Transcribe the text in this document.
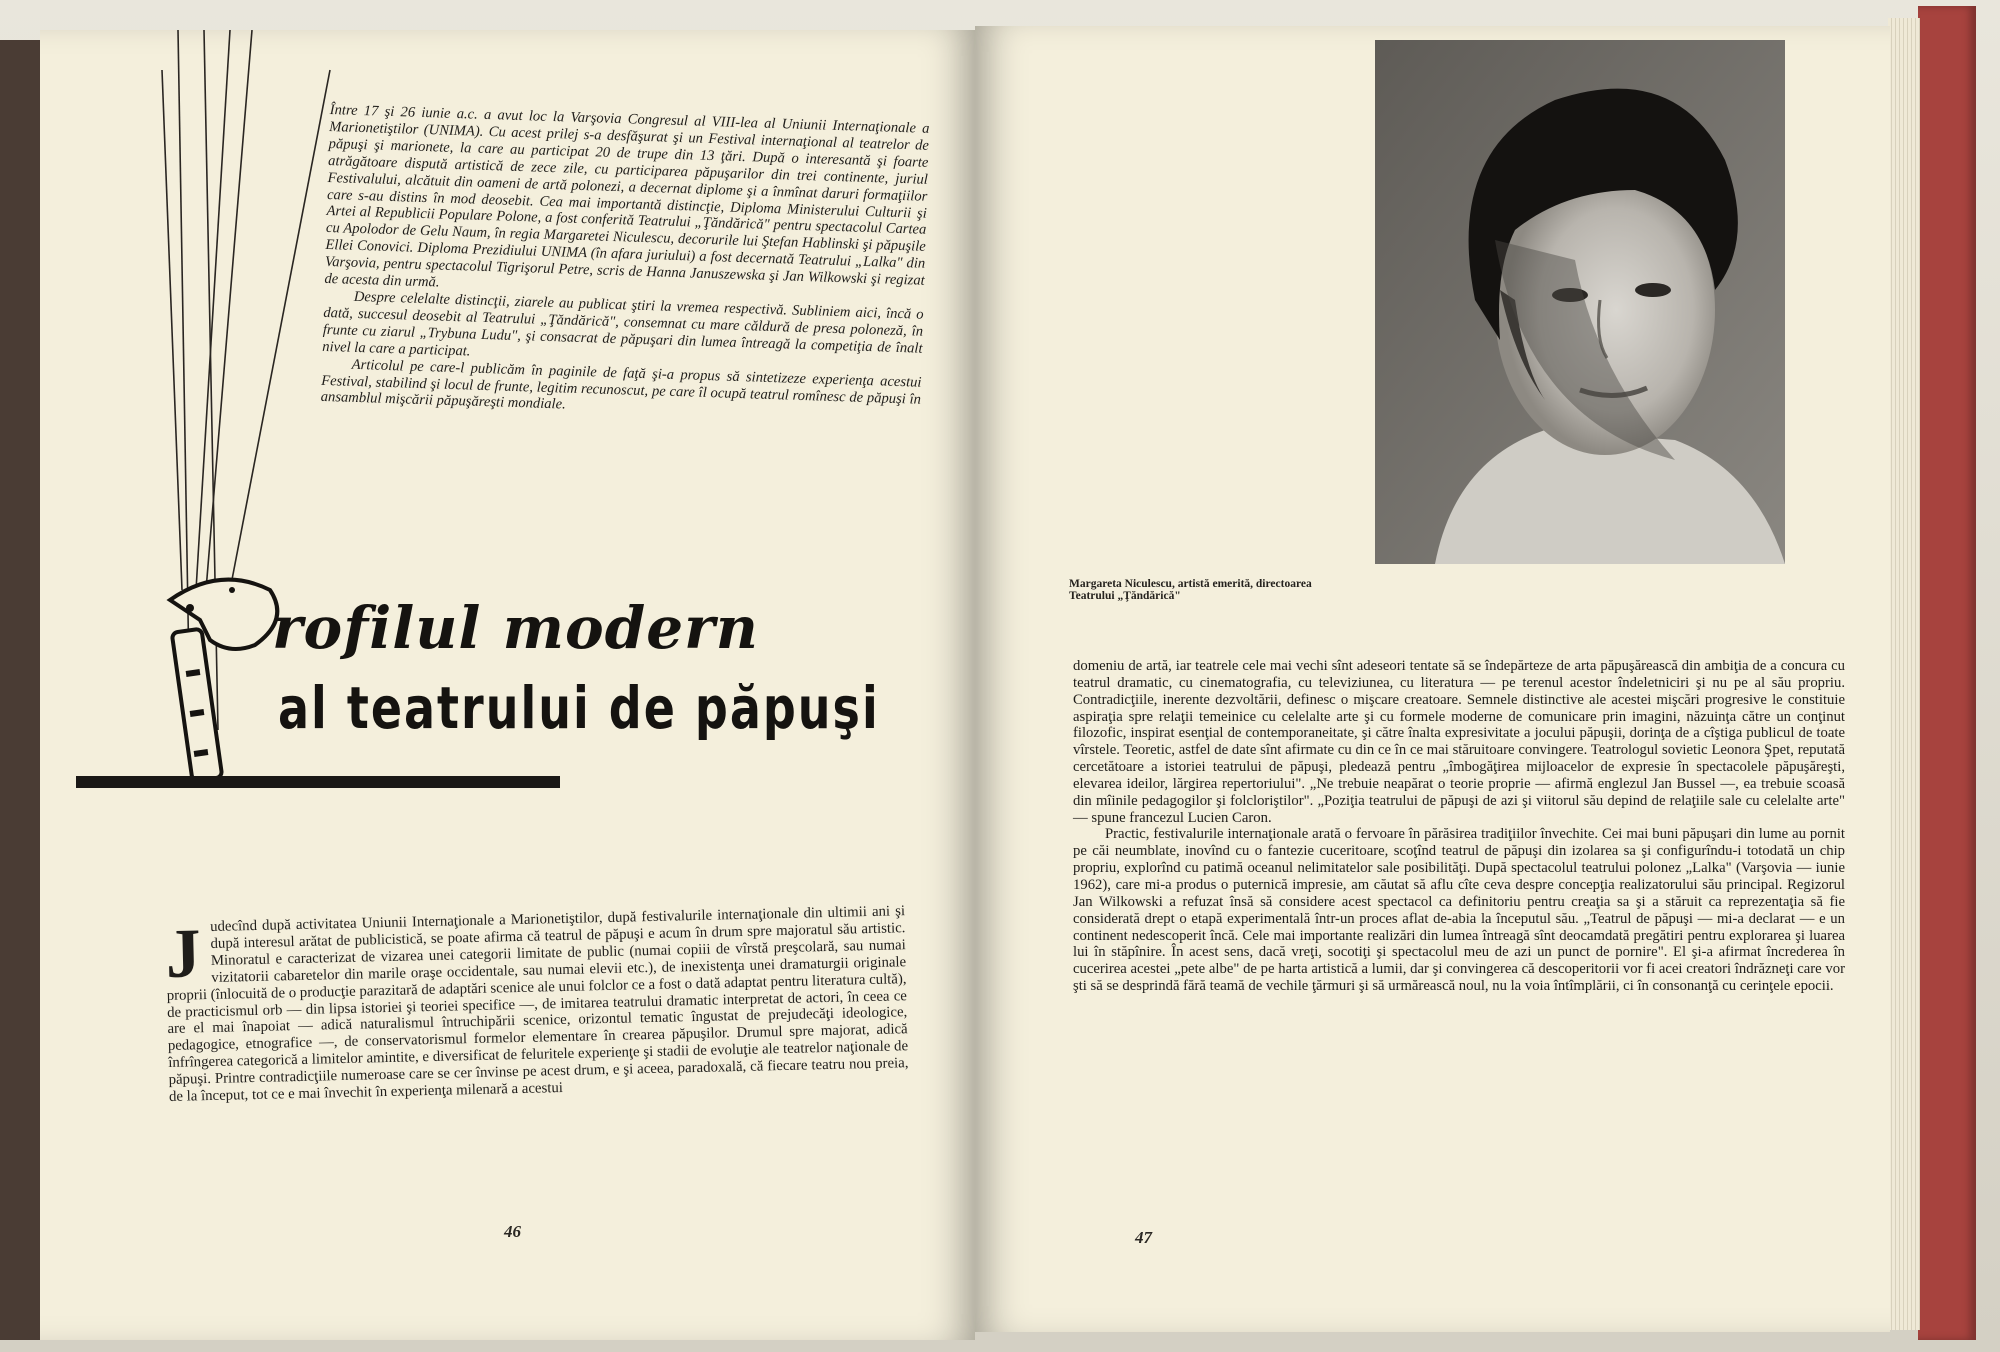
Între 17 şi 26 iunie a.c. a avut loc la Varşovia Congresul al VIII-lea al Uniunii Internaţionale a Marionetiştilor (UNIMA). Cu acest prilej s-a desfăşurat şi un Festival internaţional al teatrelor de păpuşi şi marionete, la care au participat 20 de trupe din 13 ţări. După o interesantă şi foarte atrăgătoare dispută artistică de zece zile, cu participarea păpuşarilor din trei continente, juriul Festivalului, alcătuit din oameni de artă polonezi, a decernat diplome şi a înmînat daruri formaţiilor care s-au distins în mod deosebit. Cea mai importantă distincţie, Diploma Ministerului Culturii şi Artei al Republicii Populare Polone, a fost conferită Teatrului „Ţăndărică" pentru spectacolul Cartea cu Apolodor de Gelu Naum, în regia Margaretei Niculescu, decorurile lui Ştefan Hablinski şi păpuşile Ellei Conovici. Diploma Prezidiului UNIMA (în afara juriului) a fost decernată Teatrului „Lalka" din Varşovia, pentru spectacolul Tigrişorul Petre, scris de Hanna Januszewska şi Jan Wilkowski şi regizat de acesta din urmă.

Despre celelalte distincţii, ziarele au publicat ştiri la vremea respectivă. Subliniem aici, încă o dată, succesul deosebit al Teatrului „Ţăndărică", consemnat cu mare căldură de presa poloneză, în frunte cu ziarul „Trybuna Ludu", şi consacrat de păpuşari din lumea întreagă la competiţia de înalt nivel la care a participat.

Articolul pe care-l publicăm în paginile de faţă şi-a propus să sintetizeze experienţa acestui Festival, stabilind şi locul de frunte, legitim recunoscut, pe care îl ocupă teatrul romînesc de păpuşi în ansamblul mişcării păpuşăreşti mondiale.

rofilul modern
al teatrului de păpuşi

Judecînd după activitatea Uniunii Internaţionale a Marionetiştilor, după festivalurile internaţionale din ultimii ani şi după interesul arătat de publicistică, se poate afirma că teatrul de păpuşi e acum în drum spre majoratul său artistic. Minoratul e caracterizat de vizarea unei categorii limitate de public (numai copiii de vîrstă preşcolară, sau numai vizitatorii cabaretelor din marile oraşe occidentale, sau numai elevii etc.), de inexistenţa unei dramaturgii originale proprii (înlocuită de o producţie parazitară de adaptări scenice ale unui folclor ce a fost o dată adaptat pentru literatura cultă), de practicismul orb — din lipsa istoriei şi teoriei specifice —, de imitarea teatrului dramatic interpretat de actori, în ceea ce are el mai înapoiat — adică naturalismul întruchipării scenice, orizontul tematic îngustat de prejudecăţi ideologice, pedagogice, etnografice —, de conservatorismul formelor elementare în crearea păpuşilor. Drumul spre majorat, adică înfrîngerea categorică a limitelor amintite, e diversificat de feluritele experienţe şi stadii de evoluţie ale teatrelor naţionale de păpuşi. Printre contradicţiile numeroase care se cer învinse pe acest drum, e şi aceea, paradoxală, că fiecare teatru nou preia, de la început, tot ce e mai învechit în experienţa milenară a acestui

46

Margareta Niculescu, artistă emerită, directoarea Teatrului „Ţăndărică"

domeniu de artă, iar teatrele cele mai vechi sînt adeseori tentate să se îndepărteze de arta păpuşărească din ambiţia de a concura cu teatrul dramatic, cu cinematografia, cu televiziunea, cu literatura — pe terenul acestor îndeletniciri şi nu pe al său propriu. Contradicţiile, inerente dezvoltării, definesc o mişcare creatoare. Semnele distinctive ale acestei mişcări progresive le constituie aspiraţia spre relaţii temeinice cu celelalte arte şi cu formele moderne de comunicare prin imagini, năzuinţa către un conţinut filozofic, inspirat esenţial de contemporaneitate, şi către înalta expresivitate a jocului păpuşii, dorinţa de a cîştiga publicul de toate vîrstele. Teoretic, astfel de date sînt afirmate cu din ce în ce mai stăruitoare convingere. Teatrologul sovietic Leonora Şpet, reputată cercetătoare a istoriei teatrului de păpuşi, pledează pentru „îmbogăţirea mijloacelor de expresie în spectacolele păpuşăreşti, elevarea ideilor, lărgirea repertoriului". „Ne trebuie neapărat o teorie proprie — afirmă englezul Jan Bussel —, ea trebuie scoasă din mîinile pedagogilor şi folcloriştilor". „Poziţia teatrului de păpuşi de azi şi viitorul său depind de relaţiile sale cu celelalte arte" — spune francezul Lucien Caron.

Practic, festivalurile internaţionale arată o fervoare în părăsirea tradiţiilor învechite. Cei mai buni păpuşari din lume au pornit pe căi neumblate, inovînd cu o fantezie cuceritoare, scoţînd teatrul de păpuşi din izolarea sa şi configurîndu-i totodată un chip propriu, explorînd cu patimă oceanul nelimitatelor sale posibilităţi. După spectacolul teatrului polonez „Lalka" (Varşovia — iunie 1962), care mi-a produs o puternică impresie, am căutat să aflu cîte ceva despre concepţia realizatorului său principal. Regizorul Jan Wilkowski a refuzat însă să considere acest spectacol ca definitoriu pentru creaţia sa şi a stăruit ca reprezentaţia să fie considerată drept o etapă experimentală într-un proces aflat de-abia la începutul său. „Teatrul de păpuşi — mi-a declarat — e un continent nedescoperit încă. Cele mai importante realizări din lumea întreagă sînt deocamdată pregătiri pentru explorarea şi luarea lui în stăpînire. În acest sens, dacă vreţi, socotiţi şi spectacolul meu de azi un punct de pornire". El şi-a afirmat încrederea în cucerirea acestei „pete albe" de pe harta artistică a lumii, dar şi convingerea că descoperitorii vor fi acei creatori îndrăzneţi care vor şti să se desprindă fără teamă de vechile ţărmuri şi să urmărească noul, nu la voia întîmplării, ci în consonanţă cu cerinţele epocii.

47
